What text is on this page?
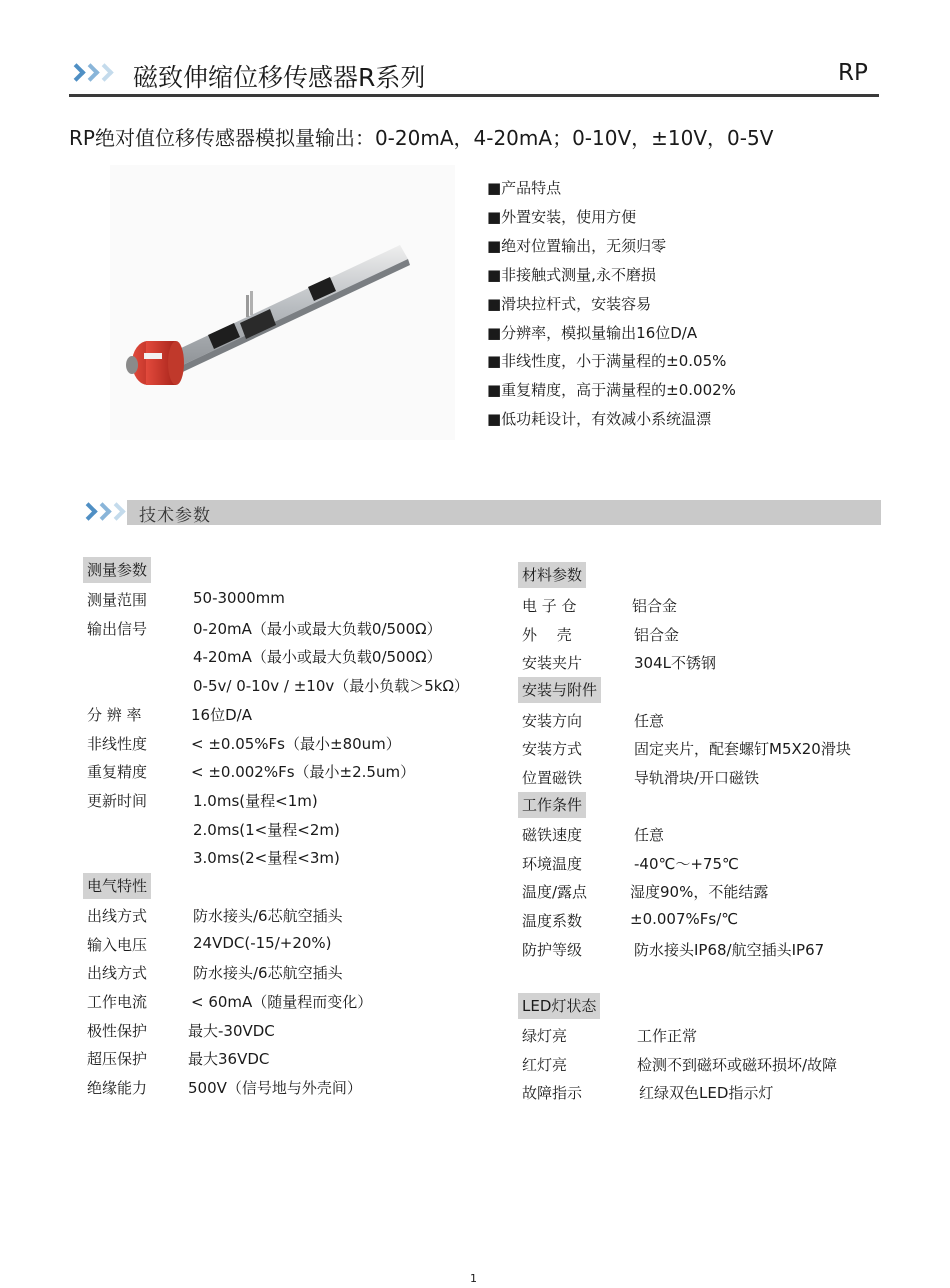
磁致伸缩位移传感器R系列	RP
RP绝对值位移传感器模拟量输出：0-20mA，4-20mA；0-10V，±10V，0-5V
■产品特点
■外置安装，使用方便
■绝对位置输出，无须归零
■非接触式测量,永不磨损
■滑块拉杆式，安装容易
■分辨率，模拟量输出16位D/A
■非线性度，小于满量程的±0.05%
■重复精度，高于满量程的±0.002%
■低功耗设计，有效减小系统温漂
技术参数
测量参数
测量范围	50-3000mm
输出信号	0-20mA（最小或最大负载0/500Ω）
4-20mA（最小或最大负载0/500Ω）
0-5v/ 0-10v / ±10v（最小负载＞5kΩ）
分 辨 率	16位D/A
非线性度	< ±0.05%Fs（最小±80um）
重复精度	< ±0.002%Fs（最小±2.5um）
更新时间	1.0ms(量程<1m)
2.0ms(1<量程<2m)
3.0ms(2<量程<3m)
电气特性
出线方式	防水接头/6芯航空插头
输入电压	24VDC(-15/+20%)
出线方式	防水接头/6芯航空插头
工作电流	< 60mA（随量程而变化）
极性保护	最大-30VDC
超压保护	最大36VDC
绝缘能力	500V（信号地与外壳间）
材料参数
电 子 仓	铝合金
外　 壳	铝合金
安装夹片	304L不锈钢
安装与附件
安装方向	任意
安装方式	固定夹片，配套螺钉M5X20滑块
位置磁铁	导轨滑块/开口磁铁
工作条件
磁铁速度	任意
环境温度	-40℃～+75℃
温度/露点	湿度90%，不能结露
温度系数	±0.007%Fs/℃
防护等级	防水接头IP68/航空插头IP67
LED灯状态
绿灯亮	工作正常
红灯亮	检测不到磁环或磁环损坏/故障
故障指示	红绿双色LED指示灯
1
